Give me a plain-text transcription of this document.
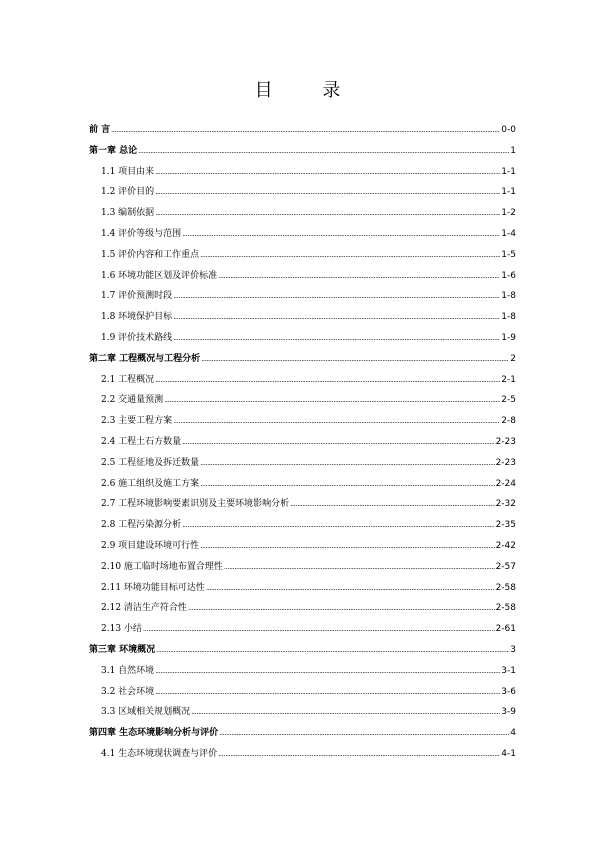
目 录
前 言 .....	0-0
第一章 总论 .....	1
1.1 项目由来 .....	1-1
1.2 评价目的 .....	1-1
1.3 编制依据 .....	1-2
1.4 评价等级与范围 .....	1-4
1.5 评价内容和工作重点 .....	1-5
1.6 环境功能区划及评价标准 .....	1-6
1.7 评价预测时段 .....	1-8
1.8 环境保护目标 .....	1-8
1.9 评价技术路线 .....	1-9
第二章 工程概况与工程分析 .....	2
2.1 工程概况 .....	2-1
2.2 交通量预测 .....	2-5
2.3 主要工程方案 .....	2-8
2.4 工程土石方数量 .....	2-23
2.5 工程征地及拆迁数量 .....	2-23
2.6 施工组织及施工方案 .....	2-24
2.7 工程环境影响要素识别及主要环境影响分析 .....	2-32
2.8 工程污染源分析 .....	2-35
2.9 项目建设环境可行性 .....	2-42
2.10 施工临时场地布置合理性 .....	2-57
2.11 环境功能目标可达性 .....	2-58
2.12 清洁生产符合性 .....	2-58
2.13 小结 .....	2-61
第三章 环境概况 .....	3
3.1 自然环境 .....	3-1
3.2 社会环境 .....	3-6
3.3 区域相关规划概况 .....	3-9
第四章 生态环境影响分析与评价 .....	4
4.1 生态环境现状调查与评价 .....	4-1
